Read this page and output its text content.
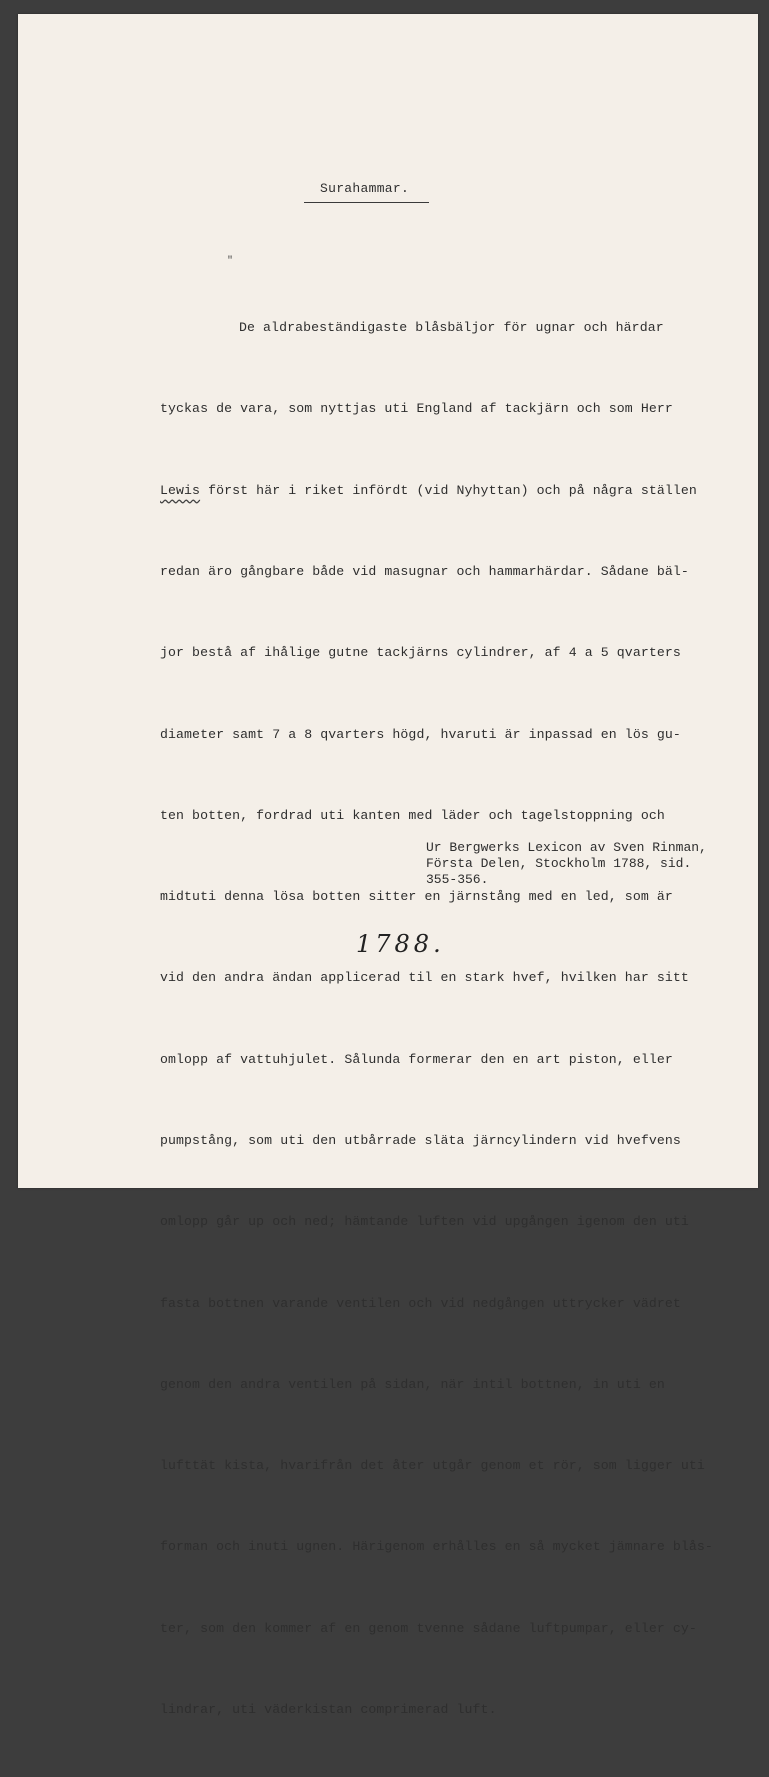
Surahammar.
"

De aldrabeständigaste blåsbäljor för ugnar och härdar

tyckas de vara, som nyttjas uti England af tackjärn och som Herr

Lewis först här i riket infördt (vid Nyhyttan) och på några ställen

redan äro gångbare både vid masugnar och hammarhärdar. Sådane bäl-

jor bestå af ihålige gutne tackjärns cylindrer, af 4 a 5 qvarters

diameter samt 7 a 8 qvarters högd, hvaruti är inpassad en lös gu-

ten botten, fordrad uti kanten med läder och tagelstoppning och

midtuti denna lösa botten sitter en järnstång med en led, som är

vid den andra ändan applicerad til en stark hvef, hvilken har sitt

omlopp af vattuhjulet. Sålunda formerar den en art piston, eller

pumpstång, som uti den utbårrade släta järncylindern vid hvefvens

omlopp går up och ned; hämtande luften vid upgången igenom den uti

fasta bottnen varande ventilen och vid nedgången uttrycker vädret

genom den andra ventilen på sidan, när intil bottnen, in uti en

lufttät kista, hvarifrån det åter utgår genom et rör, som ligger uti

forman och inuti ugnen. Härigenom erhålles en så mycket jämnare blås-

ter, som den kommer af en genom tvenne sådane luftpumpar, eller cy-

lindrar, uti väderkistan comprimerad luft.

Ur Bergwerks Lexicon av Sven Rinman,
Första Delen, Stockholm 1788, sid.
355-356.
1788.
